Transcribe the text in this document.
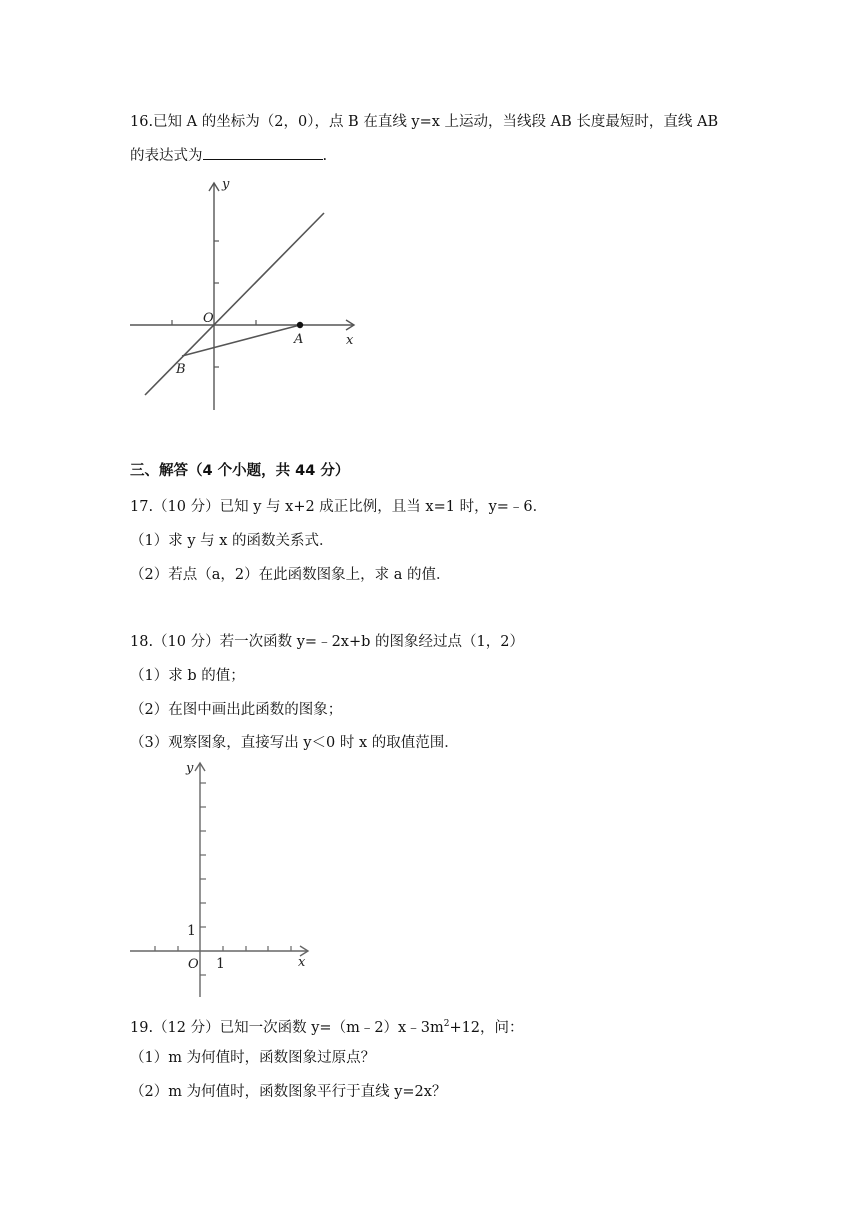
16.已知 A 的坐标为（2，0），点 B 在直线 y=x 上运动，当线段 AB 长度最短时，直线 AB
的表达式为	.
y
x
O
A
B
三、解答（4 个小题，共 44 分）
17.（10 分）已知 y 与 x+2 成正比例，且当 x=1 时，y=﹣6．
（1）求 y 与 x 的函数关系式．
（2）若点（a，2）在此函数图象上，求 a 的值．
18.（10 分）若一次函数 y=﹣2x+b 的图象经过点（1，2）
（1）求 b 的值；
（2）在图中画出此函数的图象；
（3）观察图象，直接写出 y＜0 时 x 的取值范围．
y
x
O
1
1
19.（12 分）已知一次函数 $y=(m﹣2)x﹣3m^2+12$，问：
（1）m 为何值时，函数图象过原点？
（2）m 为何值时，函数图象平行于直线 y=2x？
